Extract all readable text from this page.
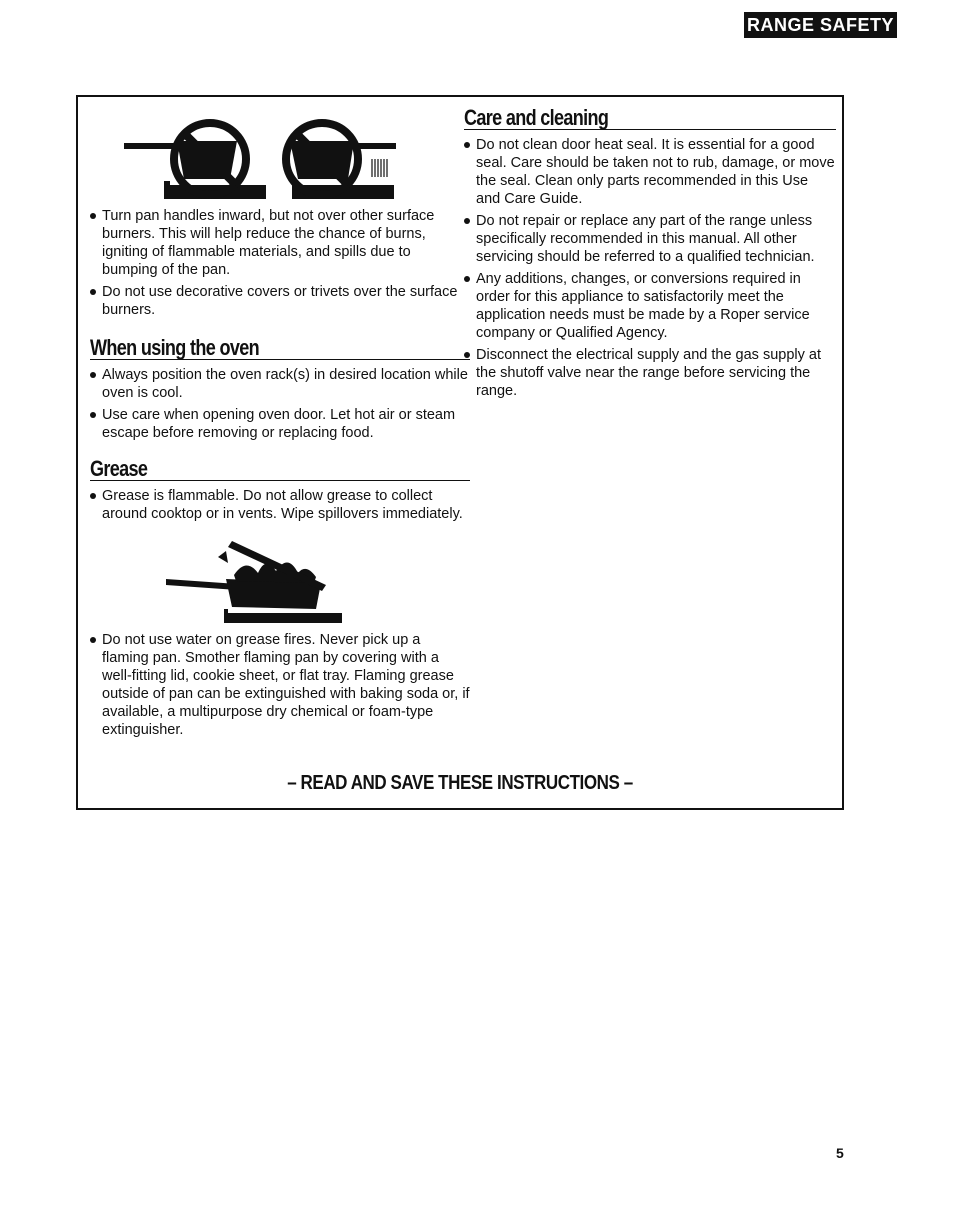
RANGE SAFETY
Turn pan handles inward, but not over other surface burners. This will help reduce the chance of burns, igniting of flammable materials, and spills due to bumping of the pan.
Do not use decorative covers or trivets over the surface burners.
When using the oven
Always position the oven rack(s) in desired location while oven is cool.
Use care when opening oven door. Let hot air or steam escape before removing or replacing food.
Grease
Grease is flammable. Do not allow grease to collect around cooktop or in vents. Wipe spillovers immediately.
Do not use water on grease fires. Never pick up a flaming pan. Smother flaming pan by covering with a well-fitting lid, cookie sheet, or flat tray. Flaming grease outside of pan can be extinguished with baking soda or, if available, a multipurpose dry chemical or foam-type extinguisher.
Care and cleaning
Do not clean door heat seal. It is essential for a good seal. Care should be taken not to rub, damage, or move the seal. Clean only parts recommended in this Use and Care Guide.
Do not repair or replace any part of the range unless specifically recommended in this manual. All other servicing should be referred to a qualified technician.
Any additions, changes, or conversions required in order for this appliance to satisfactorily meet the application needs must be made by a Roper service company or Qualified Agency.
Disconnect the electrical supply and the gas supply at the shutoff valve near the range before servicing the range.
– READ AND SAVE THESE INSTRUCTIONS –
5
